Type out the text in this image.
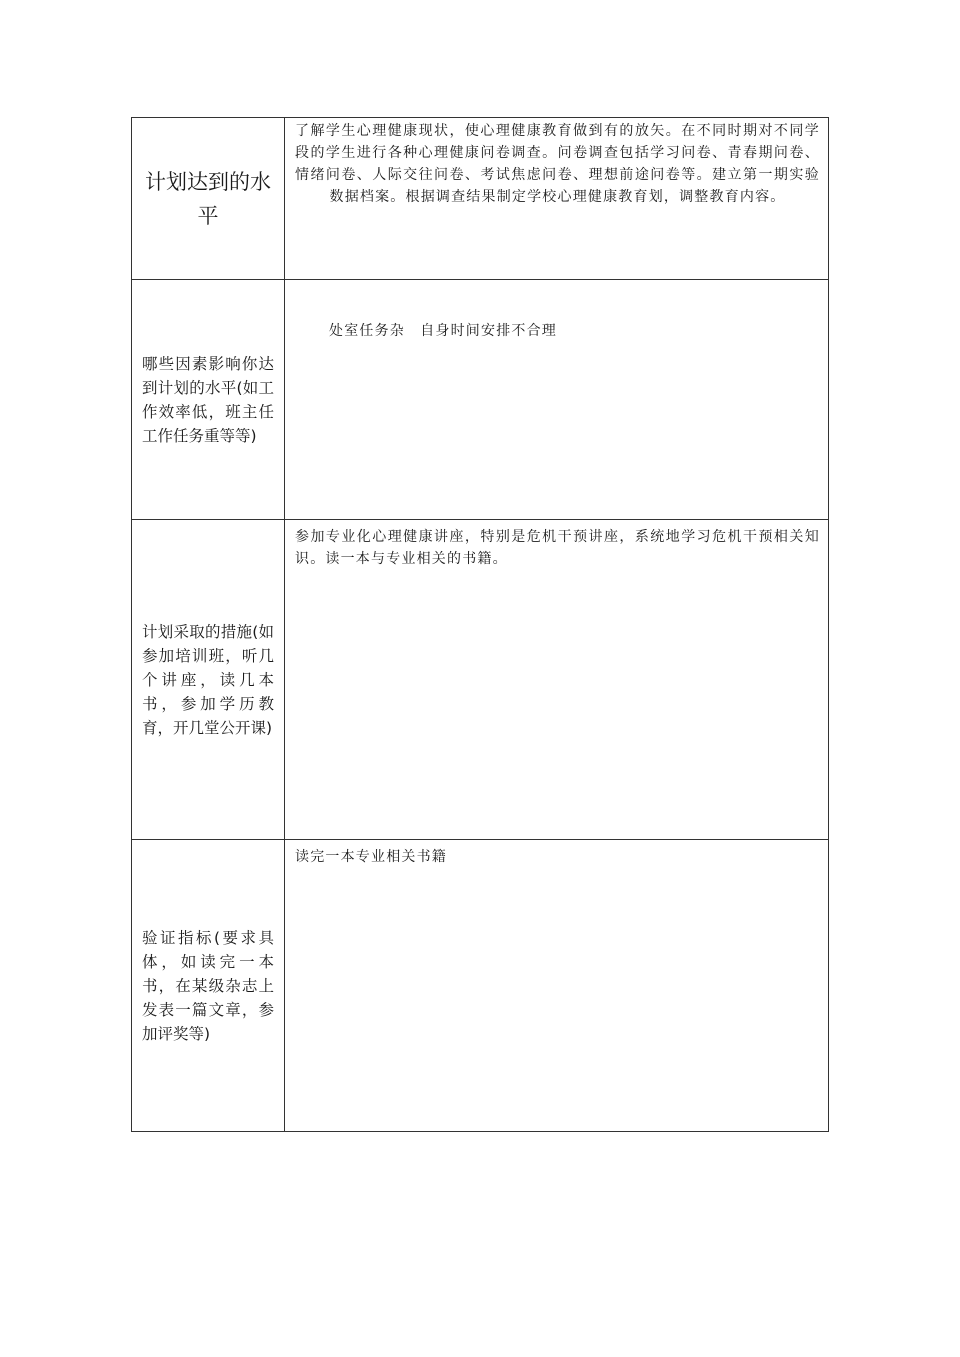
计划达到的水平	了解学生心理健康现状，使心理健康教育做到有的放矢。在不同时期对不同学段的学生进行各种心理健康问卷调查。问卷调查包括学习问卷、青春期问卷、情绪问卷、人际交往问卷、考试焦虑问卷、理想前途问卷等。建立第一期实验数据档案。根据调查结果制定学校心理健康教育划，调整教育内容。

哪些因素影响你达到计划的水平(如工作效率低，班主任工作任务重等等)	处室任务杂　自身时间安排不合理

计划采取的措施(如参加培训班，听几个讲座，读几本书，参加学历教育，开几堂公开课)	参加专业化心理健康讲座，特别是危机干预讲座，系统地学习危机干预相关知识。读一本与专业相关的书籍。

验证指标(要求具体，如读完一本书，在某级杂志上发表一篇文章，参加评奖等)	读完一本专业相关书籍
